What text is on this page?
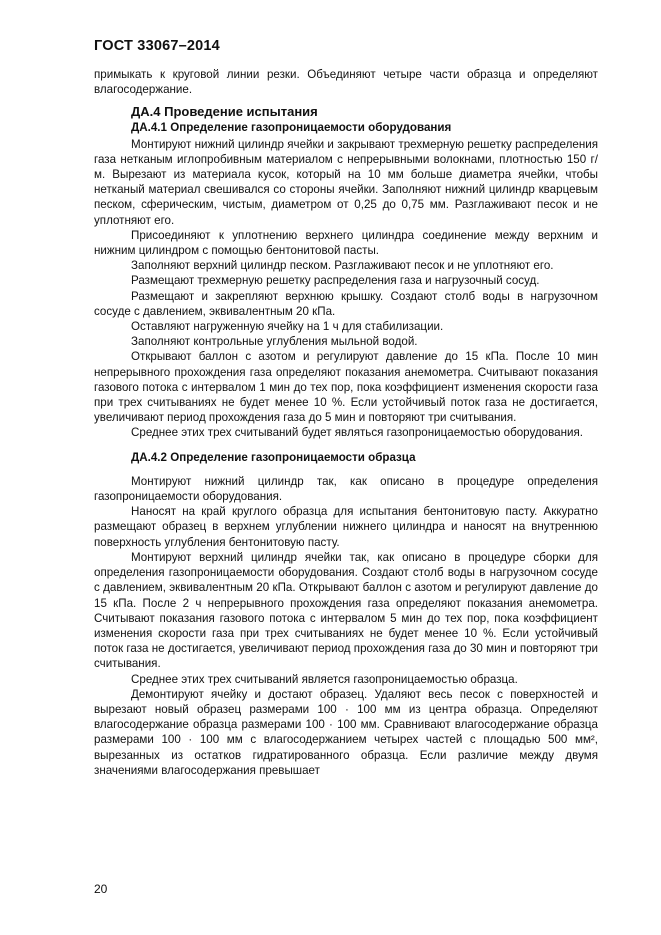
ГОСТ 33067–2014

примыкать к круговой линии резки. Объединяют четыре части образца и определяют влагосодержание.

ДА.4 Проведение испытания
ДА.4.1 Определение газопроницаемости оборудования

Монтируют нижний цилиндр ячейки и закрывают трехмерную решетку распределения газа нетканым иглопробивным материалом с непрерывными волокнами, плотностью 150 г/м. Вырезают из материала кусок, который на 10 мм больше диаметра ячейки, чтобы нетканый материал свешивался со стороны ячейки. Заполняют нижний цилиндр кварцевым песком, сферическим, чистым, диаметром от 0,25 до 0,75 мм. Разглаживают песок и не уплотняют его.

Присоединяют к уплотнению верхнего цилиндра соединение между верхним и нижним цилиндром с помощью бентонитовой пасты.

Заполняют верхний цилиндр песком. Разглаживают песок и не уплотняют его.

Размещают трехмерную решетку распределения газа и нагрузочный сосуд.

Размещают и закрепляют верхнюю крышку. Создают столб воды в нагрузочном сосуде с давлением, эквивалентным 20 кПа.

Оставляют нагруженную ячейку на 1 ч для стабилизации.

Заполняют контрольные углубления мыльной водой.

Открывают баллон с азотом и регулируют давление до 15 кПа. После 10 мин непрерывного прохождения газа определяют показания анемометра. Считывают показания газового потока с интервалом 1 мин до тех пор, пока коэффициент изменения скорости газа при трех считываниях не будет менее 10 %. Если устойчивый поток газа не достигается, увеличивают период прохождения газа до 5 мин и повторяют три считывания.

Среднее этих трех считываний будет являться газопроницаемостью оборудования.

ДА.4.2 Определение газопроницаемости образца

Монтируют нижний цилиндр так, как описано в процедуре определения газопроницаемости оборудования.

Наносят на край круглого образца для испытания бентонитовую пасту. Аккуратно размещают образец в верхнем углублении нижнего цилиндра и наносят на внутреннюю поверхность углубления бентонитовую пасту.

Монтируют верхний цилиндр ячейки так, как описано в процедуре сборки для определения газопроницаемости оборудования. Создают столб воды в нагрузочном сосуде с давлением, эквивалентным 20 кПа. Открывают баллон с азотом и регулируют давление до 15 кПа. После 2 ч непрерывного прохождения газа определяют показания анемометра. Считывают показания газового потока с интервалом 5 мин до тех пор, пока коэффициент изменения скорости газа при трех считываниях не будет менее 10 %. Если устойчивый поток газа не достигается, увеличивают период прохождения газа до 30 мин и повторяют три считывания.

Среднее этих трех считываний является газопроницаемостью образца.

Демонтируют ячейку и достают образец. Удаляют весь песок с поверхностей и вырезают новый образец размерами 100 · 100 мм из центра образца. Определяют влагосодержание образца размерами 100 · 100 мм. Сравнивают влагосодержание образца размерами 100 · 100 мм с влагосодержанием четырех частей с площадью 500 мм², вырезанных из остатков гидратированного образца. Если различие между двумя значениями влагосодержания превышает

20
